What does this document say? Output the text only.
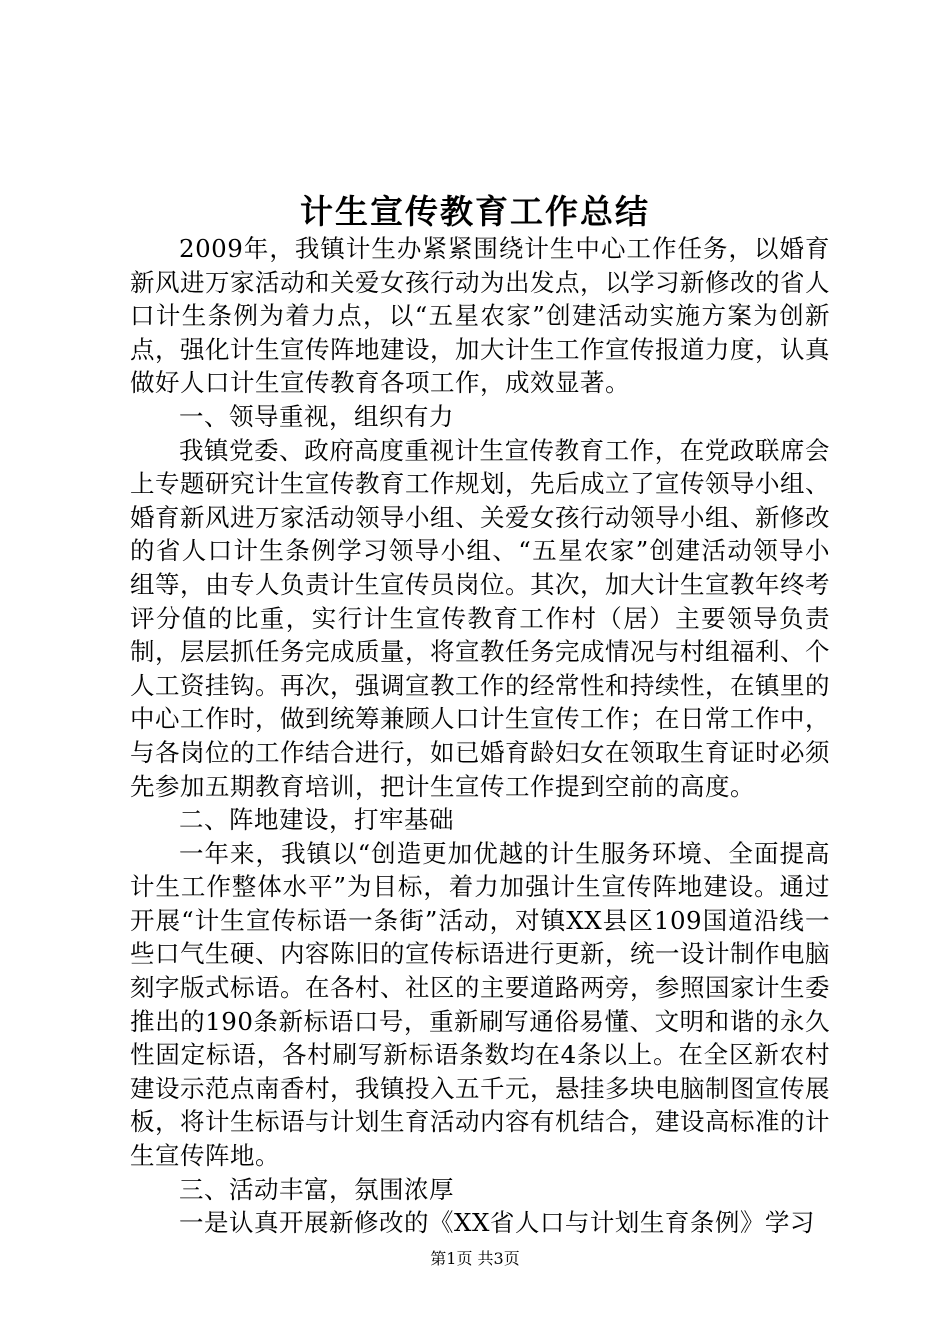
计生宣传教育工作总结

2009年，我镇计生办紧紧围绕计生中心工作任务，以婚育新风进万家活动和关爱女孩行动为出发点，以学习新修改的省人口计生条例为着力点，以“五星农家”创建活动实施方案为创新点，强化计生宣传阵地建设，加大计生工作宣传报道力度，认真做好人口计生宣传教育各项工作，成效显著。

一、领导重视，组织有力

我镇党委、政府高度重视计生宣传教育工作，在党政联席会上专题研究计生宣传教育工作规划，先后成立了宣传领导小组、婚育新风进万家活动领导小组、关爱女孩行动领导小组、新修改的省人口计生条例学习领导小组、“五星农家”创建活动领导小组等，由专人负责计生宣传员岗位。其次，加大计生宣教年终考评分值的比重，实行计生宣传教育工作村（居）主要领导负责制，层层抓任务完成质量，将宣教任务完成情况与村组福利、个人工资挂钩。再次，强调宣教工作的经常性和持续性，在镇里的中心工作时，做到统筹兼顾人口计生宣传工作；在日常工作中，与各岗位的工作结合进行，如已婚育龄妇女在领取生育证时必须先参加五期教育培训，把计生宣传工作提到空前的高度。

二、阵地建设，打牢基础

一年来，我镇以“创造更加优越的计生服务环境、全面提高计生工作整体水平”为目标，着力加强计生宣传阵地建设。通过开展“计生宣传标语一条街”活动，对镇XX县区109国道沿线一些口气生硬、内容陈旧的宣传标语进行更新，统一设计制作电脑刻字版式标语。在各村、社区的主要道路两旁，参照国家计生委推出的190条新标语口号，重新刷写通俗易懂、文明和谐的永久性固定标语，各村刷写新标语条数均在4条以上。在全区新农村建设示范点南香村，我镇投入五千元，悬挂多块电脑制图宣传展板，将计生标语与计划生育活动内容有机结合，建设高标准的计生宣传阵地。

三、活动丰富，氛围浓厚

一是认真开展新修改的《XX省人口与计划生育条例》学习

第1页 共3页
